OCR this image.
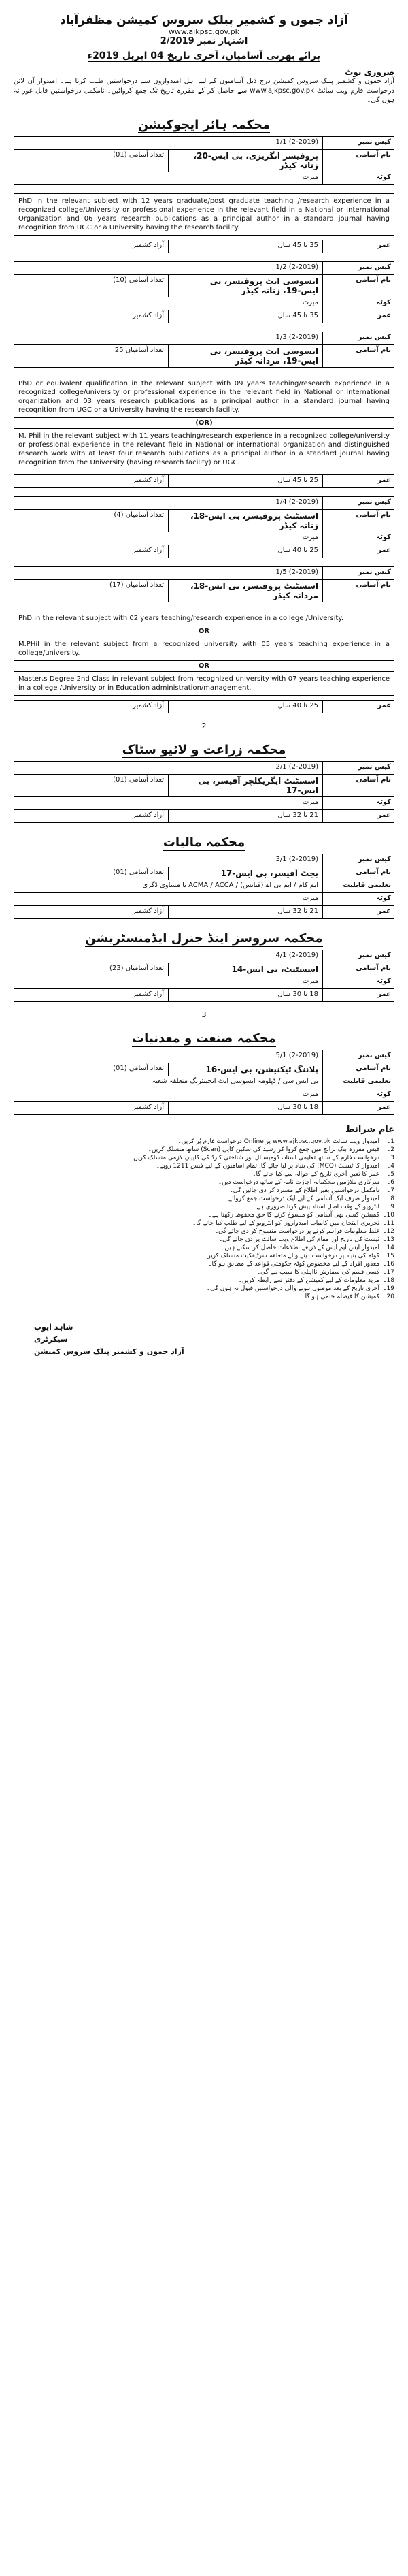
آزاد جموں و کشمیر پبلک سروس کمیشن مظفرآباد
www.ajkpsc.gov.pk
اشتہار نمبر 2/2019
برائے بھرتی آسامیاں، آخری تاریخ 04 اپریل 2019ء
ضروری نوٹ
آزاد جموں و کشمیر پبلک سروس کمیشن درج ذیل آسامیوں کے لیے اہل امیدواروں سے درخواستیں طلب کرتا ہے۔ امیدوار آن لائن درخواست فارم ویب سائٹ www.ajkpsc.gov.pk سے حاصل کر کے مقررہ تاریخ تک جمع کروائیں۔ نامکمل درخواستیں قابل غور نہ ہوں گی۔
محکمہ ہائر ایجوکیشن
کیس نمبر
(2-2019) 1/1
نام آسامی
پروفیسر انگریزی، بی ایس-20، زنانہ کیڈر
تعداد آسامی (01)
کوٹہ
میرٹ
PhD in the relevant subject with 12 years graduate/post graduate teaching /research experience in a recognized college/University or professional experience in the relevant field in a National or International Organization and 06 years research publications as a principal author in a standard journal having recognition from UGC or a University having the research facility.
عمر
35 تا 45 سال
آزاد کشمیر
کیس نمبر
(2-2019) 1/2
نام آسامی
ایسوسی ایٹ پروفیسر، بی ایس-19، زنانہ کیڈر
تعداد آسامی (10)
کوٹہ
میرٹ
عمر
35 تا 45 سال
آزاد کشمیر
کیس نمبر
(2-2019) 1/3
نام آسامی
ایسوسی ایٹ پروفیسر، بی ایس-19، مردانہ کیڈر
تعداد آسامیاں 25
PhD or equivalent qualification in the relevant subject with 09 years teaching/research experience in a recognized college/university or professional experience in the relevant field in National or international organization and 03 years research publications as a principal author in a standard journal having recognition from UGC or a University having the research facility.
(OR)
M. Phil in the relevant subject with 11 years teaching/research experience in a recognized college/university or professional experience in the relevant field in National or international organization and distinguished research work with at least four research publications as a principal author in a standard journal having recognition from the University (having research facility) or UGC.
عمر
25 تا 45 سال
آزاد کشمیر
کیس نمبر
(2-2019) 1/4
نام آسامی
اسسٹنٹ پروفیسر، بی ایس-18، زنانہ کیڈر
تعداد آسامیاں (4)
کوٹہ
میرٹ
عمر
25 تا 40 سال
آزاد کشمیر
کیس نمبر
(2-2019) 1/5
نام آسامی
اسسٹنٹ پروفیسر، بی ایس-18، مردانہ کیڈر
تعداد آسامیاں (17)
PhD in the relevant subject with 02 years teaching/research experience in a college /University.
OR
M.PHil in the relevant subject from a recognized university with 05 years teaching experience in a college/university.
OR
Master,s Degree 2nd Class in relevant subject from recognized university with 07 years teaching experience in a college /University or in Education administration/management.
عمر
25 تا 40 سال
آزاد کشمیر
2
محکمہ زراعت و لائیو سٹاک
کیس نمبر
(2-2019) 2/1
نام آسامی
اسسٹنٹ ایگریکلچر آفیسر، بی ایس-17
تعداد آسامی (01)
کوٹہ
میرٹ
عمر
21 تا 32 سال
آزاد کشمیر
محکمہ مالیات
کیس نمبر
(2-2019) 3/1
نام آسامی
بجٹ آفیسر، بی ایس-17
تعداد آسامی (01)
تعلیمی قابلیت
ایم کام / ایم بی اے (فنانس) / ACMA / ACCA یا مساوی ڈگری
کوٹہ
میرٹ
عمر
21 تا 32 سال
آزاد کشمیر
محکمہ سروسز اینڈ جنرل ایڈمنسٹریشن
کیس نمبر
(2-2019) 4/1
نام آسامی
اسسٹنٹ، بی ایس-14
تعداد آسامیاں (23)
کوٹہ
میرٹ
عمر
18 تا 30 سال
آزاد کشمیر
3
محکمہ صنعت و معدنیات
کیس نمبر
(2-2019) 5/1
نام آسامی
پلاننگ ٹیکنیشن، بی ایس-16
تعداد آسامی (01)
تعلیمی قابلیت
بی ایس سی / ڈپلومہ ایسوسی ایٹ انجینئرنگ متعلقہ شعبہ
کوٹہ
میرٹ
عمر
18 تا 30 سال
آزاد کشمیر
عام شرائط
1۔
امیدوار ویب سائٹ www.ajkpsc.gov.pk پر Online درخواست فارم پُر کریں۔
2۔
فیس مقررہ بنک برانچ میں جمع کروا کر رسید کی سکین کاپی (Scan) ساتھ منسلک کریں۔
3۔
درخواست فارم کے ساتھ تعلیمی اسناد، ڈومیسائل اور شناختی کارڈ کی کاپیاں لازمی منسلک کریں۔
4۔
امیدوار کا ٹیسٹ (MCQ) کی بنیاد پر لیا جائے گا، تمام اسامیوں کے لیے فیس 1211 روپے۔
5۔
عمر کا تعین آخری تاریخ کے حوالہ سے کیا جائے گا۔
6۔
سرکاری ملازمین محکمانہ اجازت نامہ کے ساتھ درخواست دیں۔
7۔
نامکمل درخواستیں بغیر اطلاع کے مسترد کر دی جائیں گی۔
8۔
امیدوار صرف ایک آسامی کے لیے ایک درخواست جمع کروائے۔
9۔
انٹرویو کے وقت اصل اسناد پیش کرنا ضروری ہے۔
10۔
کمیشن کسی بھی آسامی کو منسوخ کرنے کا حق محفوظ رکھتا ہے۔
11۔
تحریری امتحان میں کامیاب امیدواروں کو انٹرویو کے لیے طلب کیا جائے گا۔
12۔
غلط معلومات فراہم کرنے پر درخواست منسوخ کر دی جائے گی۔
13۔
ٹیسٹ کی تاریخ اور مقام کی اطلاع ویب سائٹ پر دی جائے گی۔
14۔
امیدوار ایس ایم ایس کے ذریعے اطلاعات حاصل کر سکتے ہیں۔
15۔
کوٹہ کی بنیاد پر درخواست دینے والے متعلقہ سرٹیفکیٹ منسلک کریں۔
16۔
معذور افراد کے لیے مخصوص کوٹہ حکومتی قواعد کے مطابق ہو گا۔
17۔
کسی قسم کی سفارش نااہلی کا سبب بنے گی۔
18۔
مزید معلومات کے لیے کمیشن کے دفتر سے رابطہ کریں۔
19۔
آخری تاریخ کے بعد موصول ہونے والی درخواستیں قبول نہ ہوں گی۔
20۔
کمیشن کا فیصلہ حتمی ہو گا۔
شاہد ایوب
سیکرٹری
آزاد جموں و کشمیر پبلک سروس کمیشن
